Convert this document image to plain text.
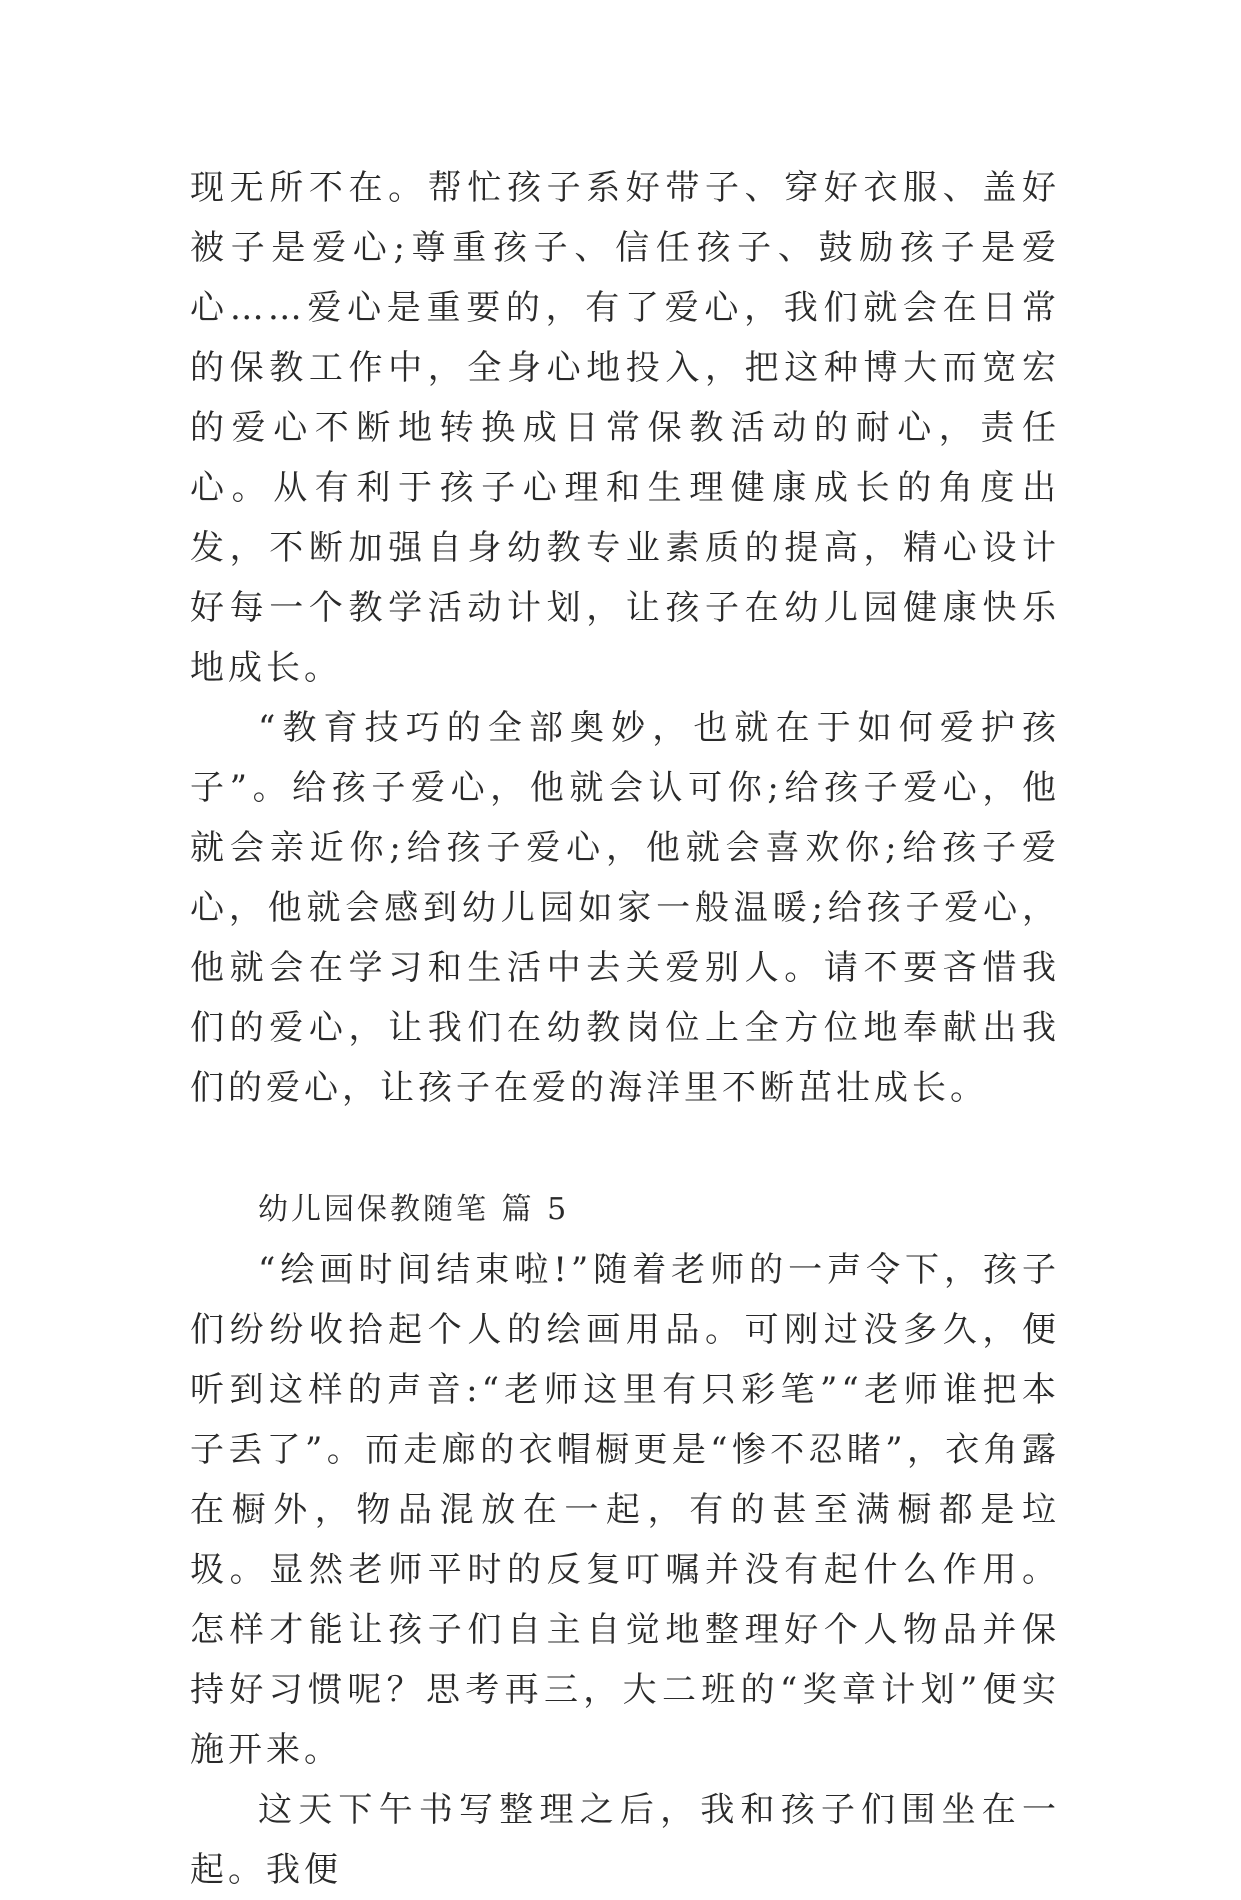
现无所不在。帮忙孩子系好带子、穿好衣服、盖好被子是爱心;尊重孩子、信任孩子、鼓励孩子是爱心……爱心是重要的，有了爱心，我们就会在日常的保教工作中，全身心地投入，把这种博大而宽宏的爱心不断地转换成日常保教活动的耐心，责任心。从有利于孩子心理和生理健康成长的角度出发，不断加强自身幼教专业素质的提高，精心设计好每一个教学活动计划，让孩子在幼儿园健康快乐地成长。

“教育技巧的全部奥妙，也就在于如何爱护孩子”。给孩子爱心，他就会认可你;给孩子爱心，他就会亲近你;给孩子爱心，他就会喜欢你;给孩子爱心，他就会感到幼儿园如家一般温暖;给孩子爱心，他就会在学习和生活中去关爱别人。请不要吝惜我们的爱心，让我们在幼教岗位上全方位地奉献出我们的爱心，让孩子在爱的海洋里不断茁壮成长。

幼儿园保教随笔 篇 5

“绘画时间结束啦!”随着老师的一声令下，孩子们纷纷收拾起个人的绘画用品。可刚过没多久，便听到这样的声音:“老师这里有只彩笔”“老师谁把本子丢了”。而走廊的衣帽橱更是“惨不忍睹”，衣角露在橱外，物品混放在一起，有的甚至满橱都是垃圾。显然老师平时的反复叮嘱并没有起什么作用。怎样才能让孩子们自主自觉地整理好个人物品并保持好习惯呢？思考再三，大二班的“奖章计划”便实施开来。

这天下午书写整理之后，我和孩子们围坐在一起。我便
